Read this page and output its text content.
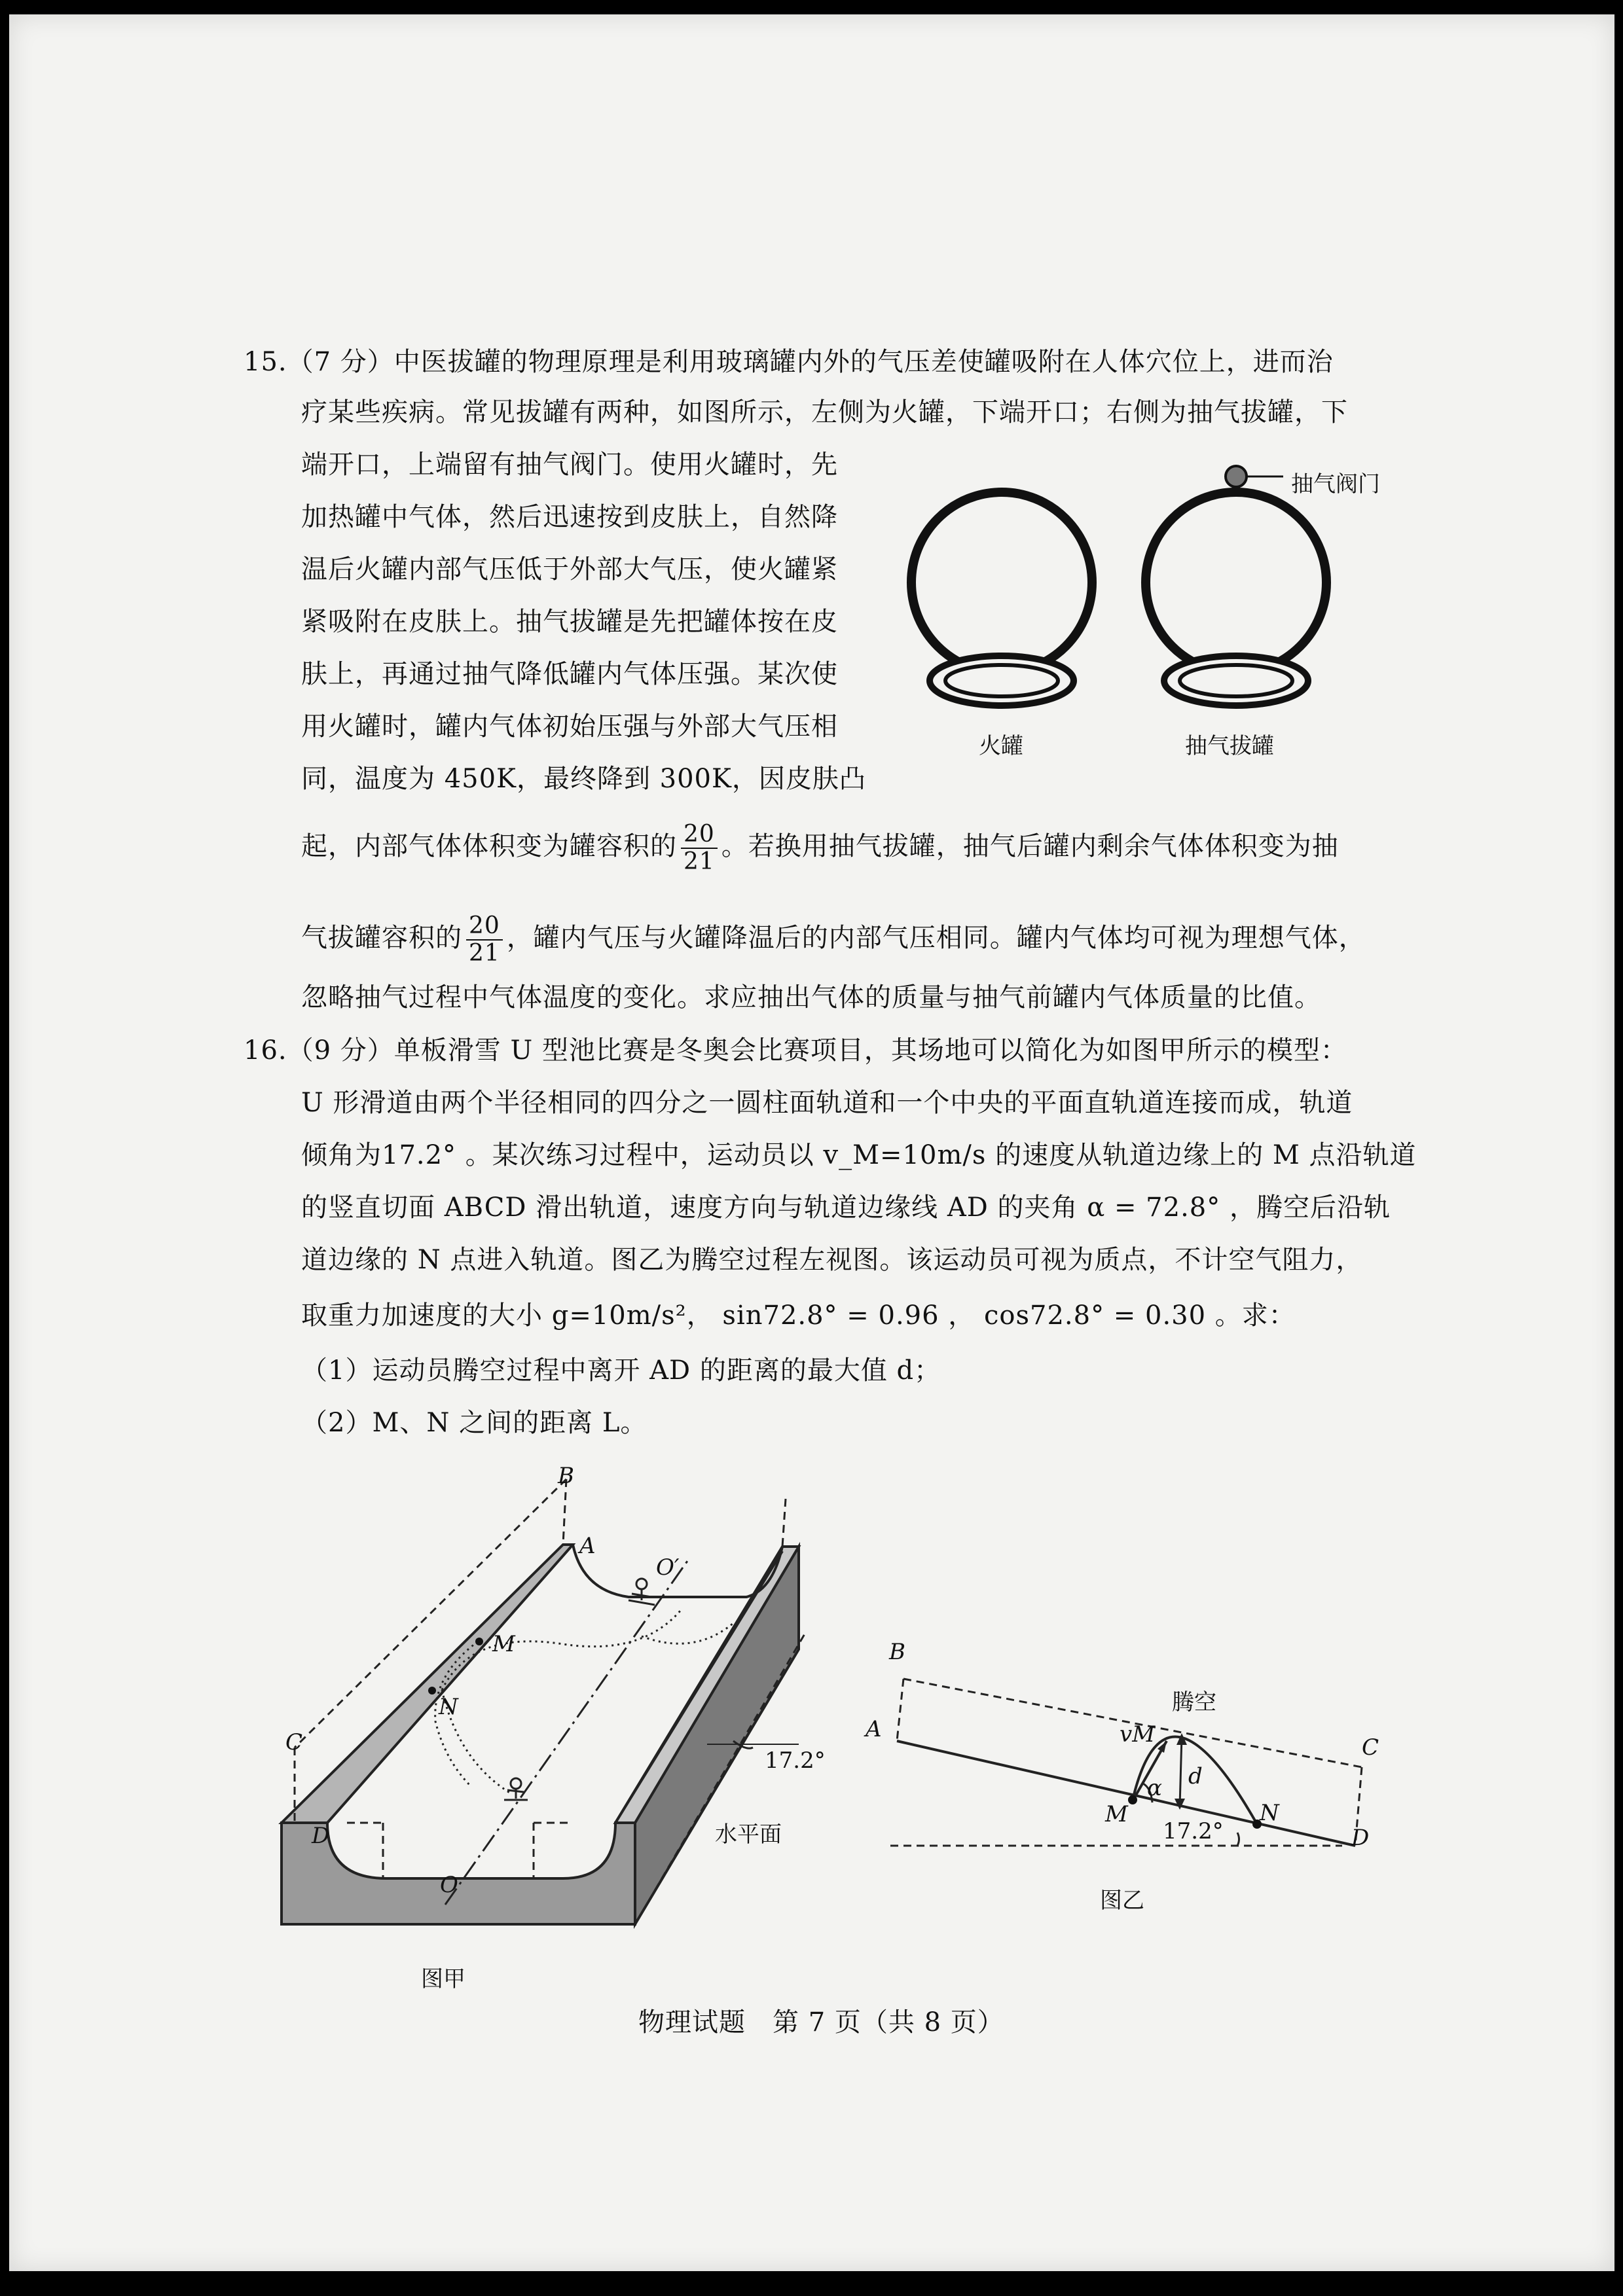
15.（7 分）中医拔罐的物理原理是利用玻璃罐内外的气压差使罐吸附在人体穴位上，进而治
疗某些疾病。常见拔罐有两种，如图所示，左侧为火罐，下端开口；右侧为抽气拔罐，下
端开口，上端留有抽气阀门。使用火罐时，先
加热罐中气体，然后迅速按到皮肤上，自然降
温后火罐内部气压低于外部大气压，使火罐紧
紧吸附在皮肤上。抽气拔罐是先把罐体按在皮
肤上，再通过抽气降低罐内气体压强。某次使
用火罐时，罐内气体初始压强与外部大气压相
同，温度为 450K，最终降到 300K，因皮肤凸
起，内部气体体积变为罐容积的 $\frac{20}{21}$ 。若换用抽气拔罐，抽气后罐内剩余气体体积变为抽
气拔罐容积的 $\frac{20}{21}$ ，罐内气压与火罐降温后的内部气压相同。罐内气体均可视为理想气体，
忽略抽气过程中气体温度的变化。求应抽出气体的质量与抽气前罐内气体质量的比值。
抽气阀门
火罐	抽气拔罐
16.（9 分）单板滑雪 U 型池比赛是冬奥会比赛项目，其场地可以简化为如图甲所示的模型：
U 形滑道由两个半径相同的四分之一圆柱面轨道和一个中央的平面直轨道连接而成，轨道
倾角为17.2° 。某次练习过程中，运动员以 v_M=10m/s 的速度从轨道边缘上的 M 点沿轨道
的竖直切面 ABCD 滑出轨道，速度方向与轨道边缘线 AD 的夹角 α = 72.8° ，腾空后沿轨
道边缘的 N 点进入轨道。图乙为腾空过程左视图。该运动员可视为质点，不计空气阻力，
取重力加速度的大小 g=10m/s²， sin72.8° = 0.96 ， cos72.8° = 0.30 。求：
（1）运动员腾空过程中离开 AD 的距离的最大值 d；
（2）M、N 之间的距离 L。
B
A
O′
M
N
C
D
O
17.2°
水平面
图甲
B
A
C
D
M	N
vM
α d
17.2°
腾空
图乙
物理试题　第 7 页（共 8 页）
